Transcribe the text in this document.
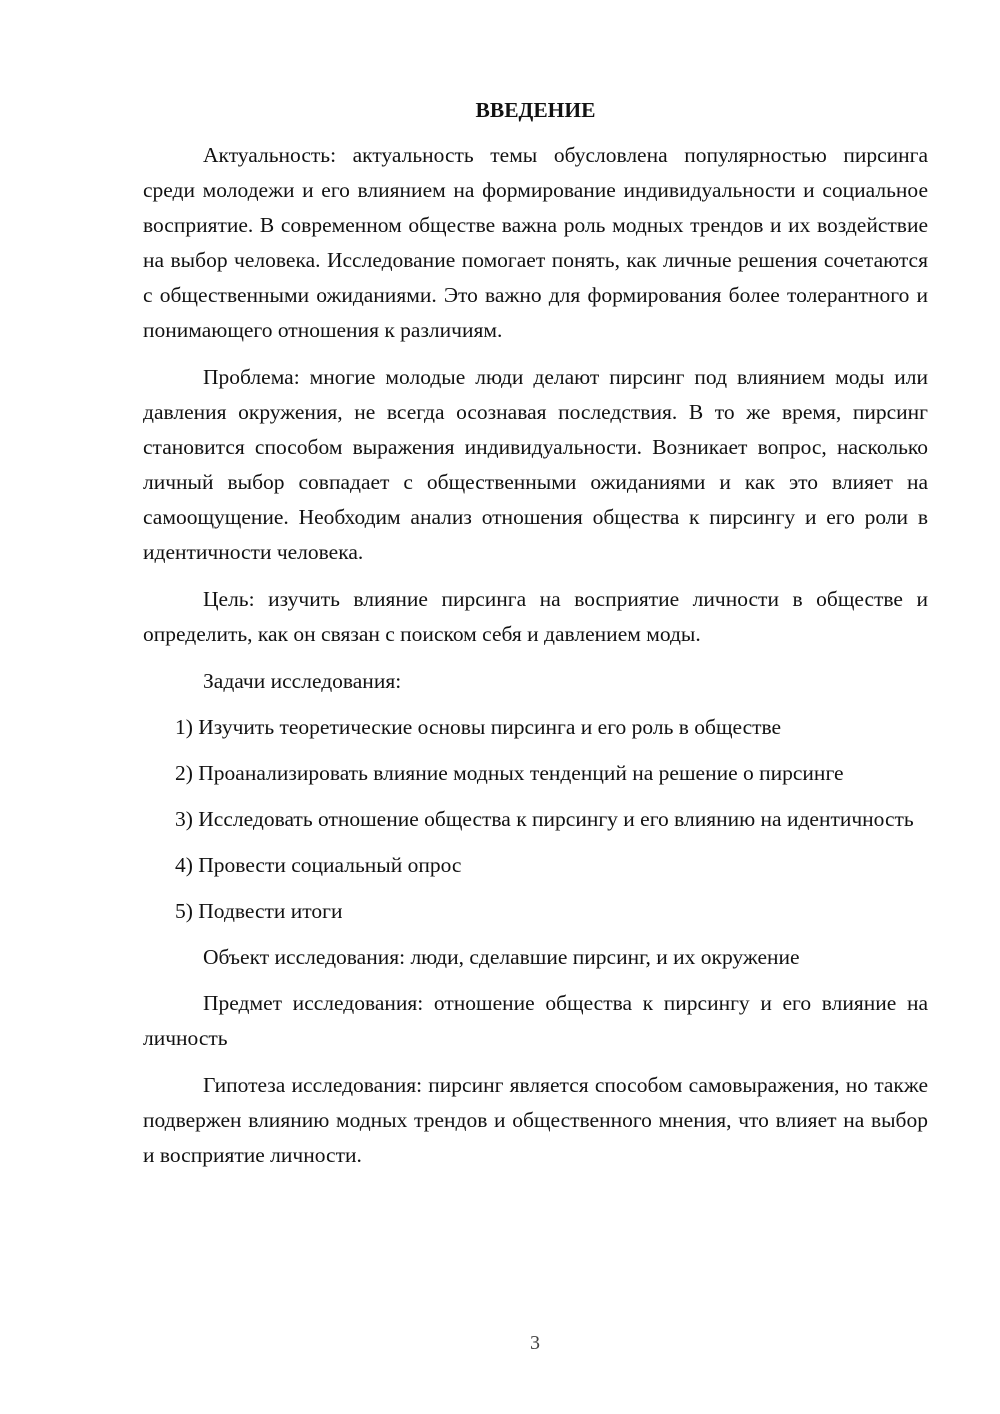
ВВЕДЕНИЕ

Актуальность: актуальность темы обусловлена популярностью пирсинга среди молодежи и его влиянием на формирование индивидуальности и социальное восприятие. В современном обществе важна роль модных трендов и их воздействие на выбор человека. Исследование помогает понять, как личные решения сочетаются с общественными ожиданиями. Это важно для формирования более толерантного и понимающего отношения к различиям.

Проблема: многие молодые люди делают пирсинг под влиянием моды или давления окружения, не всегда осознавая последствия. В то же время, пирсинг становится способом выражения индивидуальности. Возникает вопрос, насколько личный выбор совпадает с общественными ожиданиями и как это влияет на самоощущение. Необходим анализ отношения общества к пирсингу и его роли в идентичности человека.

Цель: изучить влияние пирсинга на восприятие личности в обществе и определить, как он связан с поиском себя и давлением моды.

Задачи исследования:

1) Изучить теоретические основы пирсинга и его роль в обществе

2) Проанализировать влияние модных тенденций на решение о пирсинге

3) Исследовать отношение общества к пирсингу и его влиянию на идентичность

4) Провести социальный опрос

5) Подвести итоги

Объект исследования: люди, сделавшие пирсинг, и их окружение

Предмет исследования: отношение общества к пирсингу и его влияние на личность

Гипотеза исследования: пирсинг является способом самовыражения, но также подвержен влиянию модных трендов и общественного мнения, что влияет на выбор и восприятие личности.

3
